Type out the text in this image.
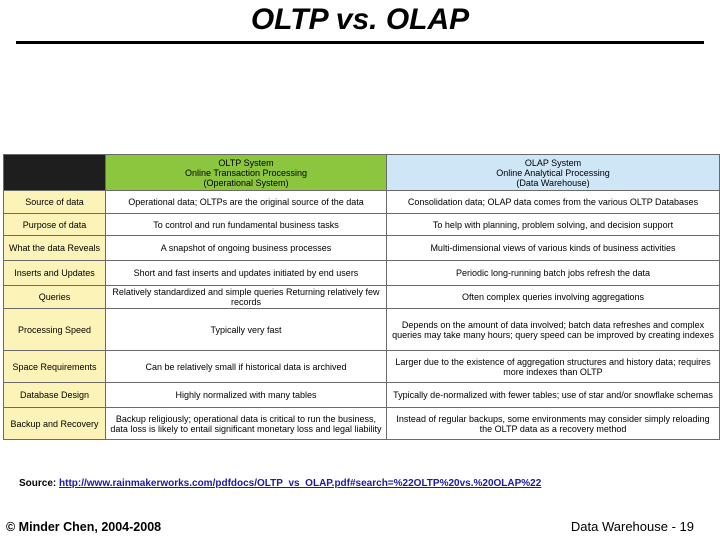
OLTP vs. OLAP

	OLTP System
Online Transaction Processing
(Operational System)	OLAP System
Online Analytical Processing
(Data Warehouse)

Source of data	Operational data; OLTPs are the original source of the data	Consolidation data; OLAP data comes from the various OLTP Databases
Purpose of data	To control and run fundamental business tasks	To help with planning, problem solving, and decision support
What the data Reveals	A snapshot of ongoing business processes	Multi-dimensional views of various kinds of business activities
Inserts and Updates	Short and fast inserts and updates initiated by end users	Periodic long-running batch jobs refresh the data
Queries	Relatively standardized and simple queries Returning relatively few records	Often complex queries involving aggregations
Processing Speed	Typically very fast	Depends on the amount of data involved; batch data refreshes and complex queries may take many hours; query speed can be improved by creating indexes
Space Requirements	Can be relatively small if historical data is archived	Larger due to the existence of aggregation structures and history data; requires more indexes than OLTP
Database Design	Highly normalized with many tables	Typically de-normalized with fewer tables; use of star and/or snowflake schemas
Backup and Recovery	Backup religiously; operational data is critical to run the business, data loss is likely to entail significant monetary loss and legal liability	Instead of regular backups, some environments may consider simply reloading the OLTP data as a recovery method
Source: http://www.rainmakerworks.com/pdfdocs/OLTP_vs_OLAP.pdf#search=%22OLTP%20vs.%20OLAP%22
© Minder Chen, 2004-2008	Data Warehouse - 19
